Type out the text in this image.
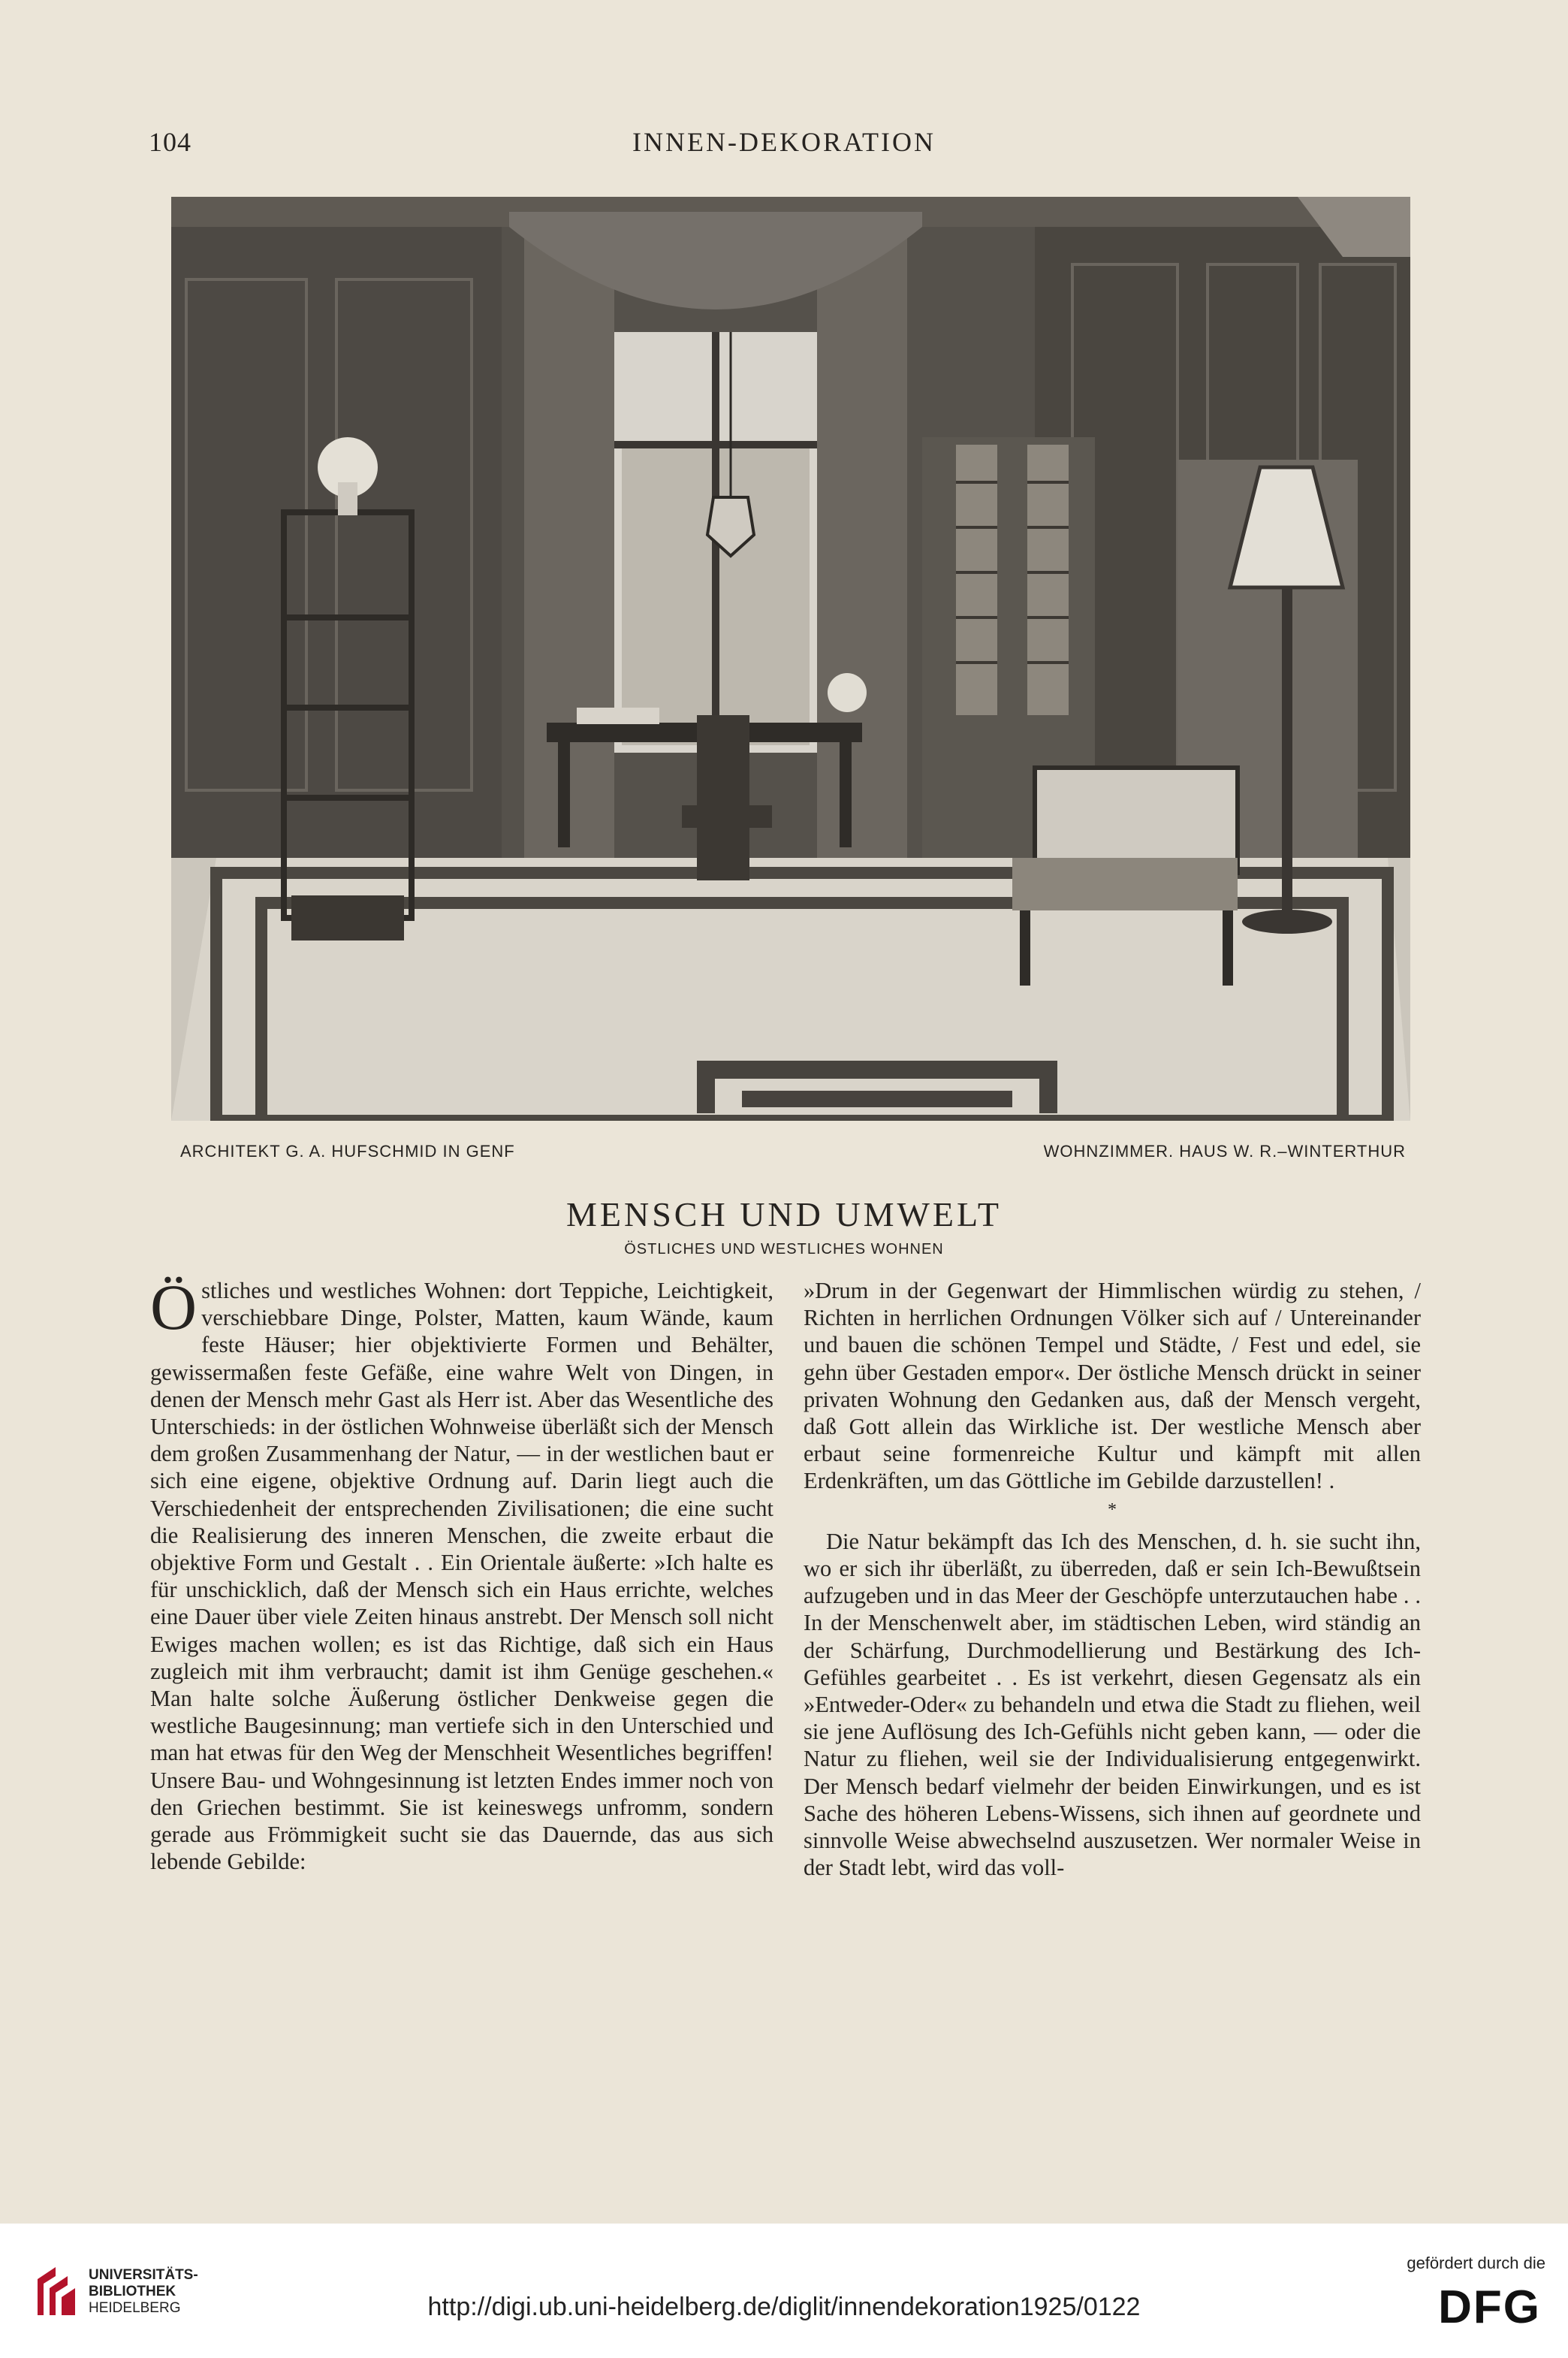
104	INNEN-DEKORATION
ARCHITEKT G. A. HUFSCHMID IN GENF	WOHNZIMMER. HAUS W. R.–WINTERTHUR
MENSCH UND UMWELT
ÖSTLICHES UND WESTLICHES WOHNEN

Östliches und westliches Wohnen: dort Teppiche, Leichtigkeit, verschiebbare Dinge, Polster, Matten, kaum Wände, kaum feste Häuser; hier objektivierte Formen und Behälter, gewissermaßen feste Gefäße, eine wahre Welt von Dingen, in denen der Mensch mehr Gast als Herr ist. Aber das Wesentliche des Unterschieds: in der östlichen Wohnweise überläßt sich der Mensch dem großen Zusammenhang der Natur, — in der westlichen baut er sich eine eigene, objektive Ordnung auf. Darin liegt auch die Verschiedenheit der entsprechenden Zivilisationen; die eine sucht die Realisierung des inneren Menschen, die zweite erbaut die objektive Form und Gestalt . . Ein Orientale äußerte: »Ich halte es für unschicklich, daß der Mensch sich ein Haus errichte, welches eine Dauer über viele Zeiten hinaus anstrebt. Der Mensch soll nicht Ewiges machen wollen; es ist das Richtige, daß sich ein Haus zugleich mit ihm verbraucht; damit ist ihm Genüge geschehen.« Man halte solche Äußerung östlicher Denkweise gegen die westliche Baugesinnung; man vertiefe sich in den Unterschied und man hat etwas für den Weg der Menschheit Wesentliches begriffen! Unsere Bau- und Wohngesinnung ist letzten Endes immer noch von den Griechen bestimmt. Sie ist keineswegs unfromm, sondern gerade aus Frömmigkeit sucht sie das Dauernde, das aus sich lebende Gebilde:

»Drum in der Gegenwart der Himmlischen würdig zu stehen, / Richten in herrlichen Ordnungen Völker sich auf / Untereinander und bauen die schönen Tempel und Städte, / Fest und edel, sie gehn über Gestaden empor«. Der östliche Mensch drückt in seiner privaten Wohnung den Gedanken aus, daß der Mensch vergeht, daß Gott allein das Wirkliche ist. Der westliche Mensch aber erbaut seine formenreiche Kultur und kämpft mit allen Erdenkräften, um das Göttliche im Gebilde darzustellen! .

*

Die Natur bekämpft das Ich des Menschen, d. h. sie sucht ihn, wo er sich ihr überläßt, zu überreden, daß er sein Ich-Bewußtsein aufzugeben und in das Meer der Geschöpfe unterzutauchen habe . . In der Menschenwelt aber, im städtischen Leben, wird ständig an der Schärfung, Durchmodellierung und Bestärkung des Ich-Gefühles gearbeitet . . Es ist verkehrt, diesen Gegensatz als ein »Entweder-Oder« zu behandeln und etwa die Stadt zu fliehen, weil sie jene Auflösung des Ich-Gefühls nicht geben kann, — oder die Natur zu fliehen, weil sie der Individualisierung entgegenwirkt. Der Mensch bedarf vielmehr der beiden Einwirkungen, und es ist Sache des höheren Lebens-Wissens, sich ihnen auf geordnete und sinnvolle Weise abwechselnd auszusetzen. Wer normaler Weise in der Stadt lebt, wird das voll-

UNIVERSITÄTS-
BIBLIOTHEK
HEIDELBERG	http://digi.ub.uni-heidelberg.de/diglit/innendekoration1925/0122
gefördert durch die
DFG
